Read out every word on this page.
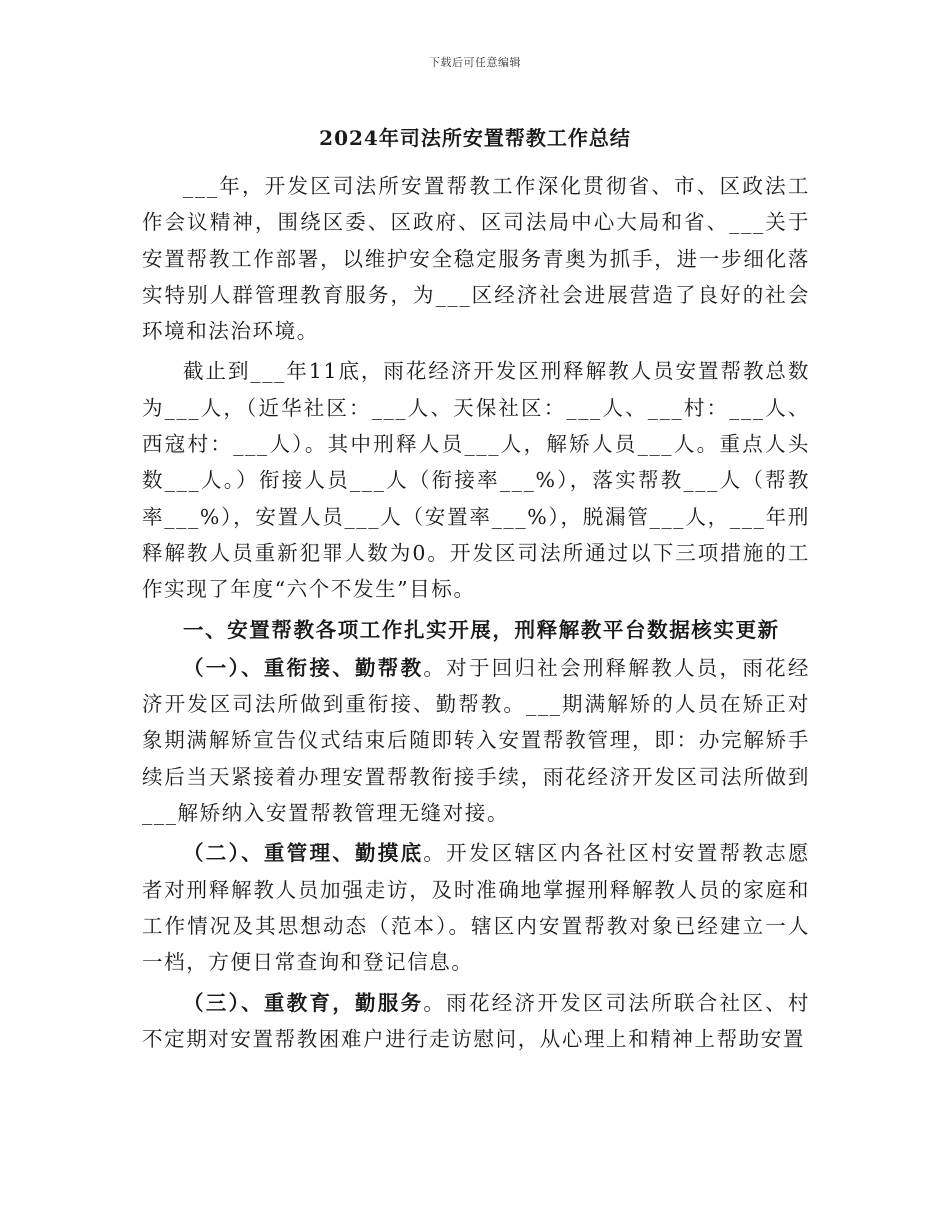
下载后可任意编辑
2024年司法所安置帮教工作总结

___年，开发区司法所安置帮教工作深化贯彻省、市、区政法工作会议精神，围绕区委、区政府、区司法局中心大局和省、___关于安置帮教工作部署，以维护安全稳定服务青奥为抓手，进一步细化落实特别人群管理教育服务，为___区经济社会进展营造了良好的社会环境和法治环境。

截止到___年11底，雨花经济开发区刑释解教人员安置帮教总数为___人，（近华社区：___人、天保社区：___人、___村：___人、西寇村：___人）。其中刑释人员___人，解矫人员___人。重点人头数___人。）衔接人员___人（衔接率___%），落实帮教___人（帮教率___%），安置人员___人（安置率___%），脱漏管___人，___年刑释解教人员重新犯罪人数为0。开发区司法所通过以下三项措施的工作实现了年度“六个不发生”目标。

一、安置帮教各项工作扎实开展，刑释解教平台数据核实更新

（一）、重衔接、勤帮教。对于回归社会刑释解教人员，雨花经济开发区司法所做到重衔接、勤帮教。___期满解矫的人员在矫正对象期满解矫宣告仪式结束后随即转入安置帮教管理，即：办完解矫手续后当天紧接着办理安置帮教衔接手续，雨花经济开发区司法所做到___解矫纳入安置帮教管理无缝对接。

（二）、重管理、勤摸底。开发区辖区内各社区村安置帮教志愿者对刑释解教人员加强走访，及时准确地掌握刑释解教人员的家庭和工作情况及其思想动态（范本）。辖区内安置帮教对象已经建立一人一档，方便日常查询和登记信息。

（三）、重教育，勤服务。雨花经济开发区司法所联合社区、村不定期对安置帮教困难户进行走访慰问，从心理上和精神上帮助安置
